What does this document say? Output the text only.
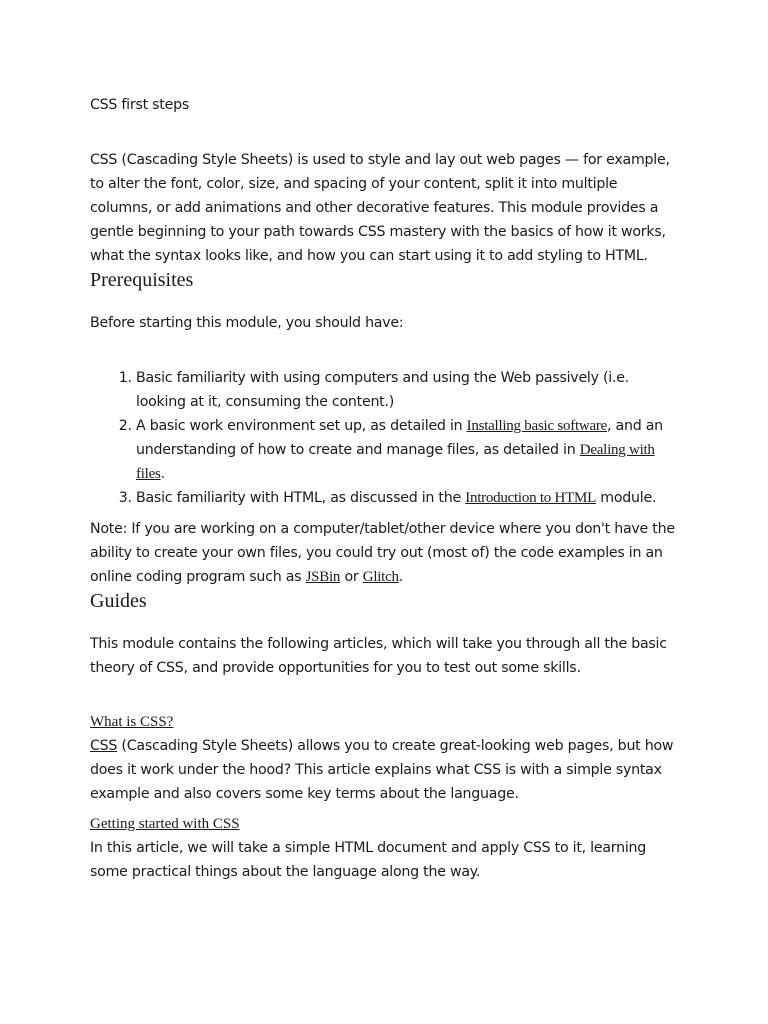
CSS first steps

CSS (Cascading Style Sheets) is used to style and lay out web pages — for example, to alter the font, color, size, and spacing of your content, split it into multiple columns, or add animations and other decorative features. This module provides a gentle beginning to your path towards CSS mastery with the basics of how it works, what the syntax looks like, and how you can start using it to add styling to HTML.

Prerequisites

Before starting this module, you should have:

1. Basic familiarity with using computers and using the Web passively (i.e. looking at it, consuming the content.)
2. A basic work environment set up, as detailed in Installing basic software, and an understanding of how to create and manage files, as detailed in Dealing with files.
3. Basic familiarity with HTML, as discussed in the Introduction to HTML module.

Note: If you are working on a computer/tablet/other device where you don't have the ability to create your own files, you could try out (most of) the code examples in an online coding program such as JSBin or Glitch.

Guides

This module contains the following articles, which will take you through all the basic theory of CSS, and provide opportunities for you to test out some skills.

What is CSS?

CSS (Cascading Style Sheets) allows you to create great-looking web pages, but how does it work under the hood? This article explains what CSS is with a simple syntax example and also covers some key terms about the language.

Getting started with CSS

In this article, we will take a simple HTML document and apply CSS to it, learning some practical things about the language along the way.
